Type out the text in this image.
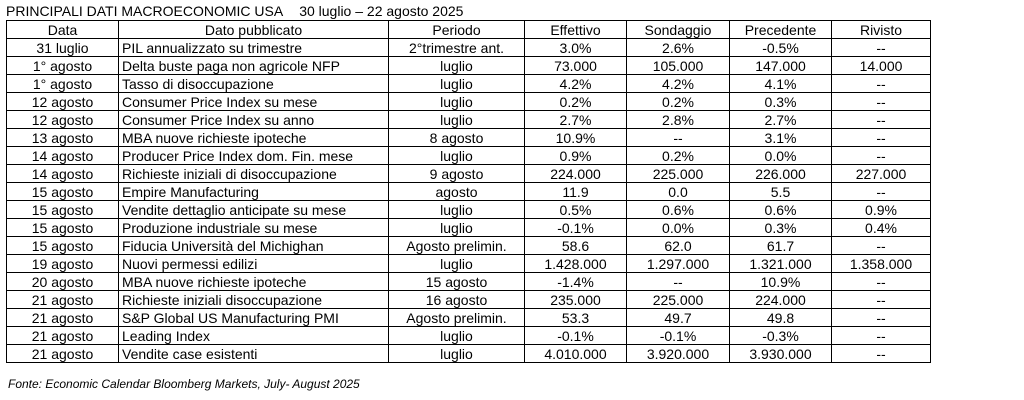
PRINCIPALI DATI MACROECONOMIC USA 30 luglio – 22 agosto 2025
Data	Dato pubblicato	Periodo	Effettivo	Sondaggio	Precedente	Rivisto
31 luglio	PIL annualizzato su trimestre	2°trimestre ant.	3.0%	2.6%	-0.5%	--
1° agosto	Delta buste paga non agricole NFP	luglio	73.000	105.000	147.000	14.000
1° agosto	Tasso di disoccupazione	luglio	4.2%	4.2%	4.1%	--
12 agosto	Consumer Price Index su mese	luglio	0.2%	0.2%	0.3%	--
12 agosto	Consumer Price Index su anno	luglio	2.7%	2.8%	2.7%	--
13 agosto	MBA nuove richieste ipoteche	8 agosto	10.9%	--	3.1%	--
14 agosto	Producer Price Index dom. Fin. mese	luglio	0.9%	0.2%	0.0%	--
14 agosto	Richieste iniziali di disoccupazione	9 agosto	224.000	225.000	226.000	227.000
15 agosto	Empire Manufacturing	agosto	11.9	0.0	5.5	--
15 agosto	Vendite dettaglio anticipate su mese	luglio	0.5%	0.6%	0.6%	0.9%
15 agosto	Produzione industriale su mese	luglio	-0.1%	0.0%	0.3%	0.4%
15 agosto	Fiducia Università del Michighan	Agosto prelimin.	58.6	62.0	61.7	--
19 agosto	Nuovi permessi edilizi	luglio	1.428.000	1.297.000	1.321.000	1.358.000
20 agosto	MBA nuove richieste ipoteche	15 agosto	-1.4%	--	10.9%	--
21 agosto	Richieste iniziali disoccupazione	16 agosto	235.000	225.000	224.000	--
21 agosto	S&P Global US Manufacturing PMI	Agosto prelimin.	53.3	49.7	49.8	--
21 agosto	Leading Index	luglio	-0.1%	-0.1%	-0.3%	--
21 agosto	Vendite case esistenti	luglio	4.010.000	3.920.000	3.930.000	--
Fonte: Economic Calendar Bloomberg Markets, July- August 2025
